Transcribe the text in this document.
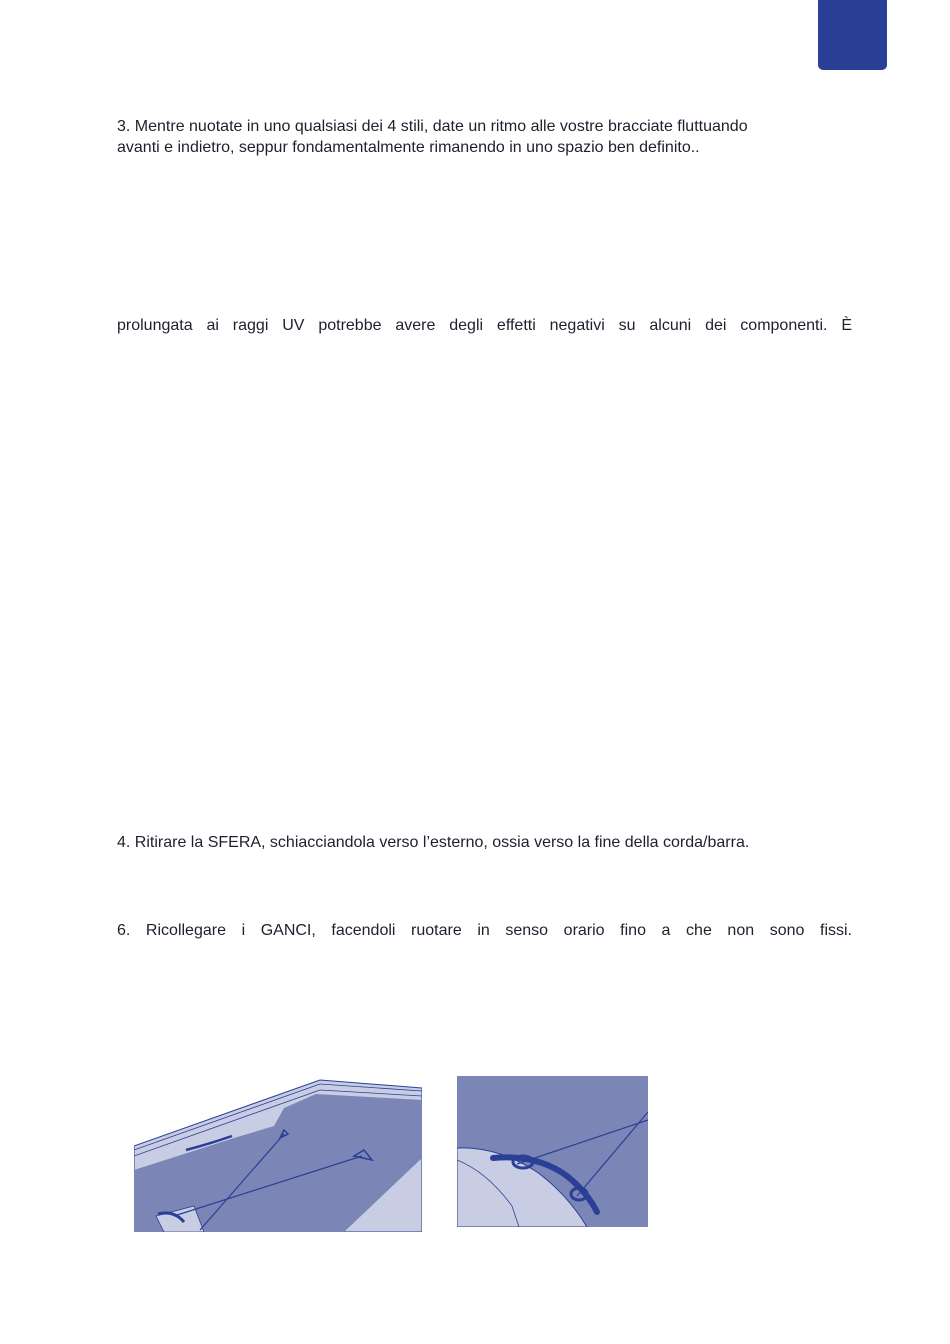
3. Mentre nuotate in uno qualsiasi dei 4 stili, date un ritmo alle vostre bracciate fluttuando
avanti e indietro, seppur fondamentalmente rimanendo in uno spazio ben definito..

prolungata ai raggi UV potrebbe avere degli effetti negativi su alcuni dei componenti. È

4. Ritirare la SFERA, schiacciandola verso l’esterno, ossia verso la fine della corda/barra.

6. Ricollegare i GANCI, facendoli ruotare in senso orario fino a che non sono fissi.
